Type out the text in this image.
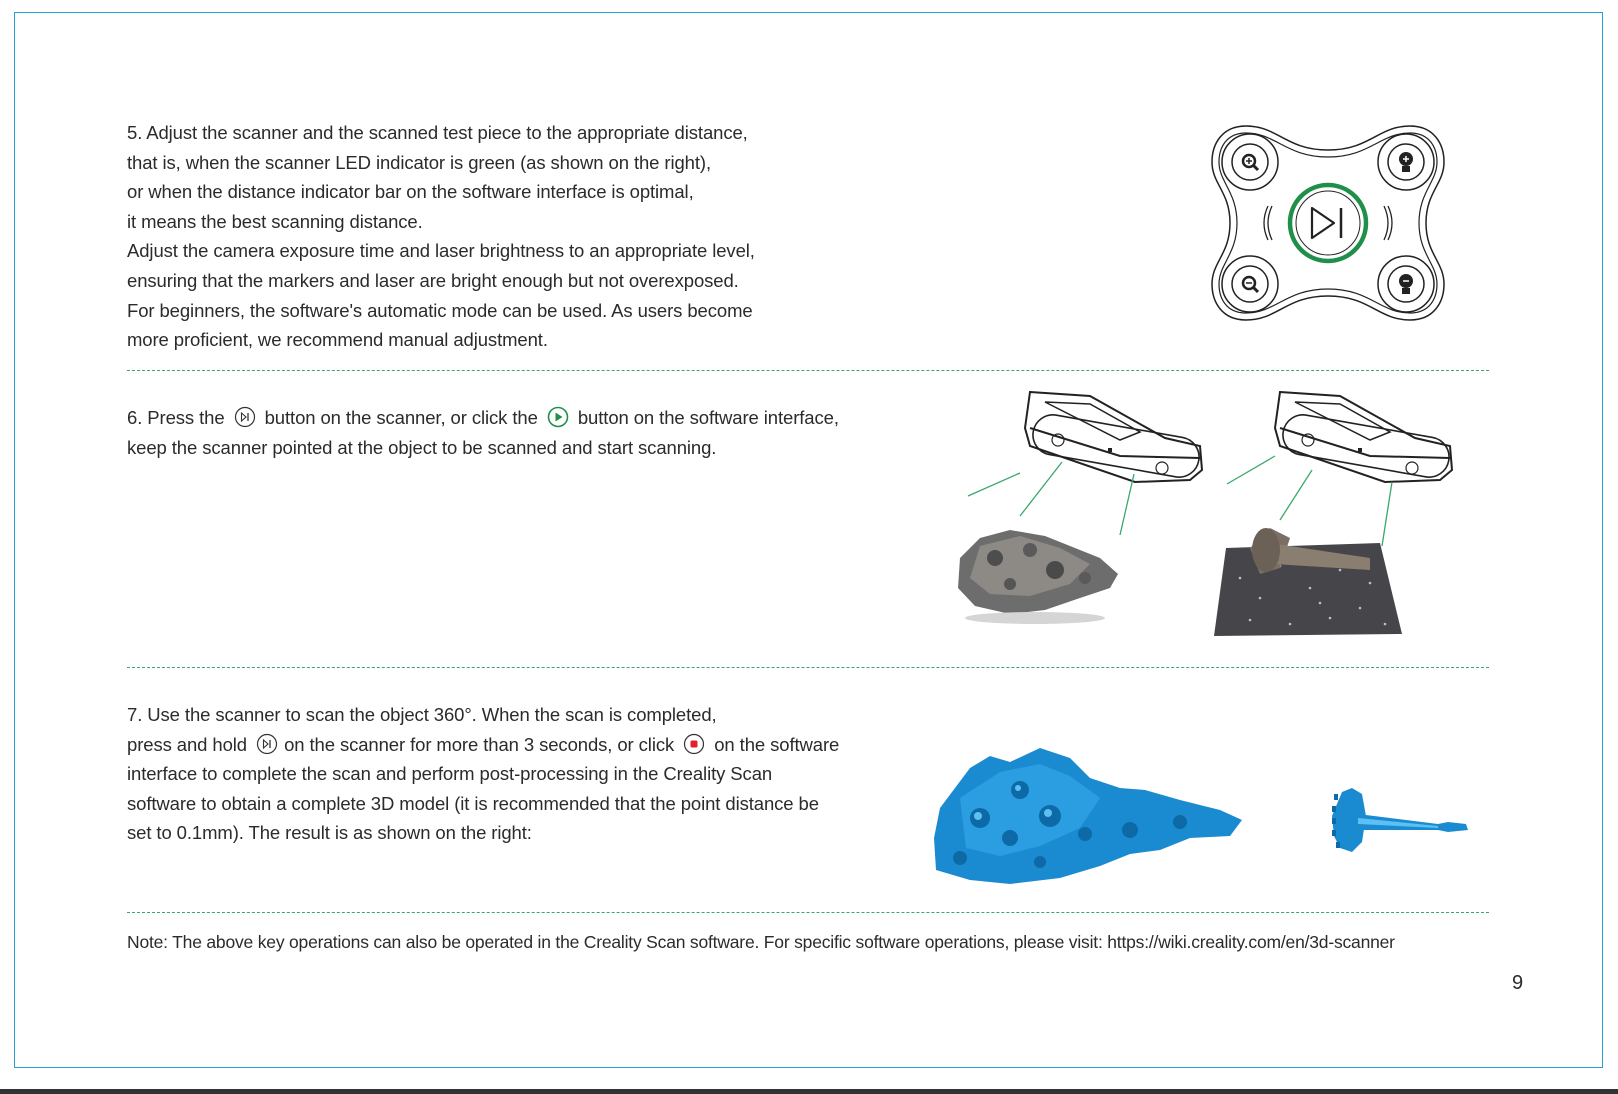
5. Adjust the scanner and the scanned test piece to the appropriate distance,

that is, when the scanner LED indicator is green (as shown on the right),

or when the distance indicator bar on the software interface is optimal,

it means the best scanning distance.

Adjust the camera exposure time and laser brightness to an appropriate level,

ensuring that the markers and laser are bright enough but not overexposed.

For beginners, the software's automatic mode can be used. As users become

more proficient, we recommend manual adjustment.

6. Press the button on the scanner, or click the button on the software interface,

keep the scanner pointed at the object to be scanned and start scanning.

7. Use the scanner to scan the object 360°. When the scan is completed,

press and hold on the scanner for more than 3 seconds, or click on the software

interface to complete the scan and perform post-processing in the Creality Scan

software to obtain a complete 3D model (it is recommended that the point distance be

set to 0.1mm). The result is as shown on the right:

Note: The above key operations can also be operated in the Creality Scan software. For specific software operations, please visit: https://wiki.creality.com/en/3d-scanner
9
